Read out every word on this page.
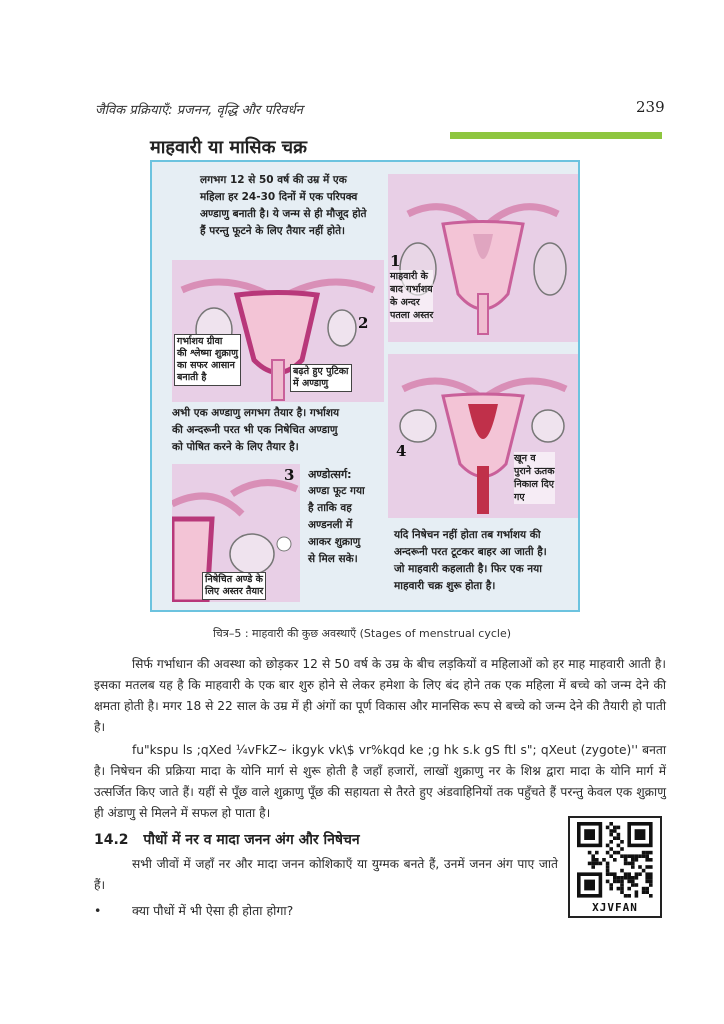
जैविक प्रक्रियाएँ: प्रजनन, वृद्धि और परिवर्धन	239
माहवारी या मासिक चक्र
लगभग 12 से 50 वर्ष की उम्र में एक
महिला हर 24-30 दिनों में एक परिपक्व
अण्डाणु बनाती है। ये जन्म से ही मौजूद होते
हैं परन्तु फूटने के लिए तैयार नहीं होते।
1
माहवारी के
बाद गर्भाशय
के अन्दर
पतला अस्तर
2
गर्भाशय ग्रीवा
की श्लेष्मा शुक्राणु
का सफर आसान
बनाती है
बढ़ते हुए पुटिका
में अण्डाणु
अभी एक अण्डाणु लगभग तैयार है। गर्भाशय
की अन्दरूनी परत भी एक निषेचित अण्डाणु
को पोषित करने के लिए तैयार है।	4	खून व
पुराने ऊतक
निकाल दिए
गए
3
निषेचित अण्डे के
लिए अस्तर तैयार
अण्डोत्सर्ग:
अण्डा फूट गया
है ताकि वह
अण्डनली में
आकर शुक्राणु
से मिल सके।
यदि निषेचन नहीं होता तब गर्भाशय की
अन्दरूनी परत टूटकर बाहर आ जाती है।
जो माहवारी कहलाती है। फिर एक नया
माहवारी चक्र शुरू होता है।
चित्र–5 : माहवारी की कुछ अवस्थाएँ (Stages of menstrual cycle)
सिर्फ गर्भाधान की अवस्था को छोड़कर 12 से 50 वर्ष के उम्र के बीच लड़कियों व महिलाओं को हर माह माहवारी आती है। इसका मतलब यह है कि माहवारी के एक बार शुरु होने से लेकर हमेशा के लिए बंद होने तक एक महिला में बच्चे को जन्म देने की क्षमता होती है। मगर 18 से 22 साल के उम्र में ही अंगों का पूर्ण विकास और मानसिक रूप से बच्चे को जन्म देने की तैयारी हो पाती है।
fu"kspu ls ;qXed ¼vFkZ~ ikgyk vk\$ vr%kqd ke ;g hk s.k gS ftl s"; qXeut (zygote)'' बनता है। निषेचन की प्रक्रिया मादा के योनि मार्ग से शुरू होती है जहाँ हजारों, लाखों शुक्राणु नर के शिश्न द्वारा मादा के योनि मार्ग में उत्सर्जित किए जाते हैं। यहीं से पूँछ वाले शुक्राणु पूँछ की सहायता से तैरते हुए अंडवाहिनियों तक पहुँचते हैं परन्तु केवल एक शुक्राणु ही अंडाणु से मिलने में सफल हो पाता है।
14.2 पौधों में नर व मादा जनन अंग और निषेचन
सभी जीवों में जहाँ नर और मादा जनन कोशिकाएँ या युग्मक बनते हैं, उनमें जनन अंग पाए जाते हैं।
• क्या पौधों में भी ऐसा ही होता होगा?	XJVFAN
